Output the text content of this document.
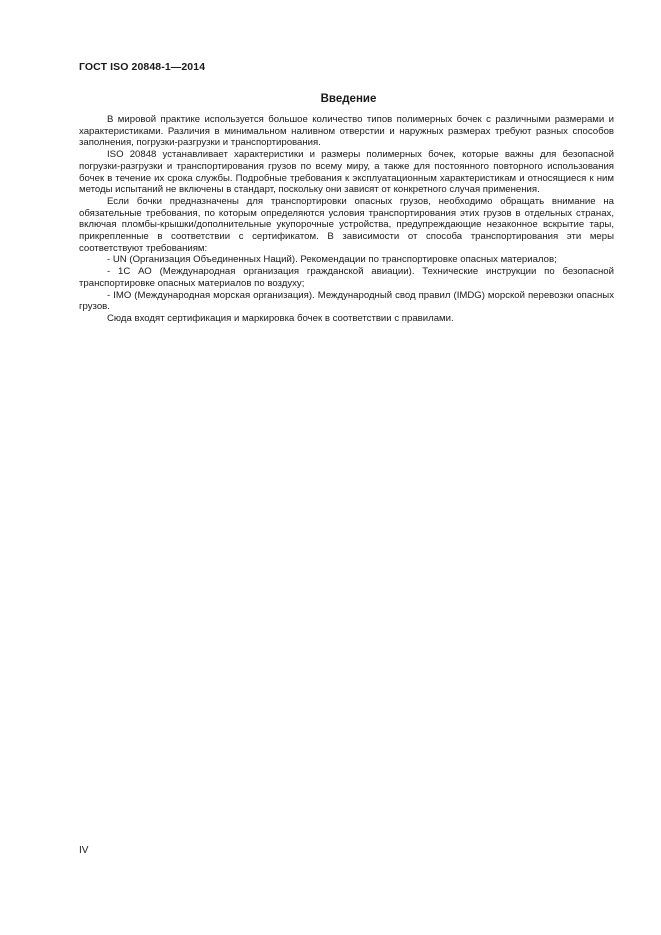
ГОСТ ISO 20848-1—2014
Введение

В мировой практике используется большое количество типов полимерных бочек с различными размерами и характеристиками. Различия в минимальном наливном отверстии и наружных размерах требуют разных способов заполнения, погрузки-разгрузки и транспортирования.

ISO 20848 устанавливает характеристики и размеры полимерных бочек, которые важны для безопасной погрузки-разгрузки и транспортирования грузов по всему миру, а также для постоянного повторного использования бочек в течение их срока службы. Подробные требования к эксплуатационным характеристикам и относящиеся к ним методы испытаний не включены в стандарт, поскольку они зависят от конкретного случая применения.

Если бочки предназначены для транспортировки опасных грузов, необходимо обращать внимание на обязательные требования, по которым определяются условия транспортирования этих грузов в отдельных странах, включая пломбы-крышки/дополнительные укупорочные устройства, предупреждающие незаконное вскрытие тары, прикрепленные в соответствии с сертификатом. В зависимости от способа транспортирования эти меры соответствуют требованиям:

- UN (Организация Объединенных Наций). Рекомендации по транспортировке опасных материалов;

- 1С АО (Международная организация гражданской авиации). Технические инструкции по безопасной транспортировке опасных материалов по воздуху;

- IMO (Международная морская организация). Международный свод правил (IMDG) морской перевозки опасных грузов.

Сюда входят сертификация и маркировка бочек в соответствии с правилами.

IV
